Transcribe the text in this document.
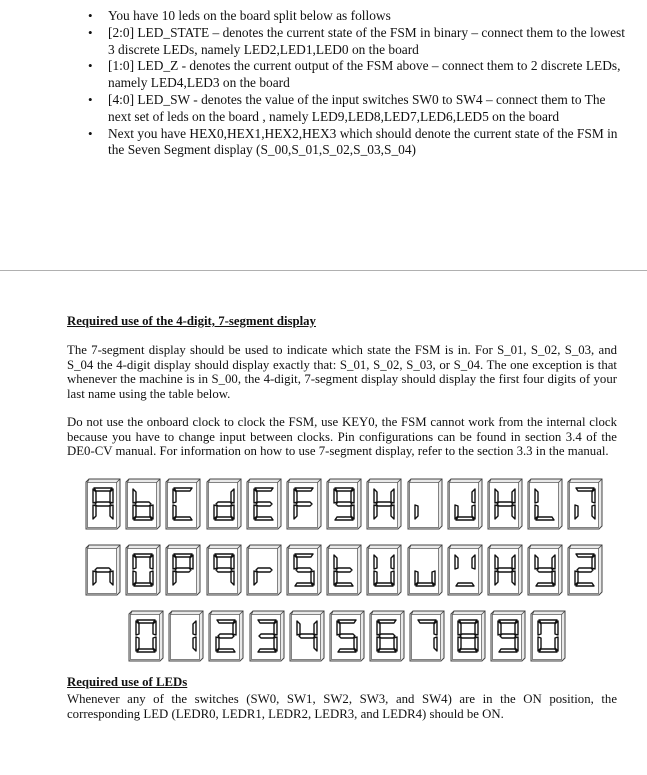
• You have 10 leds on the board split below as follows
• [2:0] LED_STATE – denotes the current state of the FSM in binary – connect them to the lowest 3 discrete LEDs, namely LED2,LED1,LED0 on the board
• [1:0] LED_Z - denotes the current output of the FSM above – connect them to 2 discrete LEDs, namely LED4,LED3 on the board
• [4:0] LED_SW - denotes the value of the input switches SW0 to SW4 – connect them to The next set of leds on the board , namely LED9,LED8,LED7,LED6,LED5 on the board
• Next you have HEX0,HEX1,HEX2,HEX3 which should denote the current state of the FSM in the Seven Segment display (S_00,S_01,S_02,S_03,S_04)
Required use of the 4-digit, 7-segment display

The 7-segment display should be used to indicate which state the FSM is in. For S_01, S_02, S_03, and S_04 the 4-digit display should display exactly that: S_01, S_02, S_03, or S_04. The one exception is that whenever the machine is in S_00, the 4-digit, 7-segment display should display the first four digits of your last name using the table below.

Do not use the onboard clock to clock the FSM, use KEY0, the FSM cannot work from the internal clock because you have to change input between clocks. Pin configurations can be found in section 3.4 of the DE0-CV manual. For information on how to use 7-segment display, refer to the section 3.3 in the manual.

Required use of LEDs

Whenever any of the switches (SW0, SW1, SW2, SW3, and SW4) are in the ON position, the corresponding LED (LEDR0, LEDR1, LEDR2, LEDR3, and LEDR4) should be ON.
